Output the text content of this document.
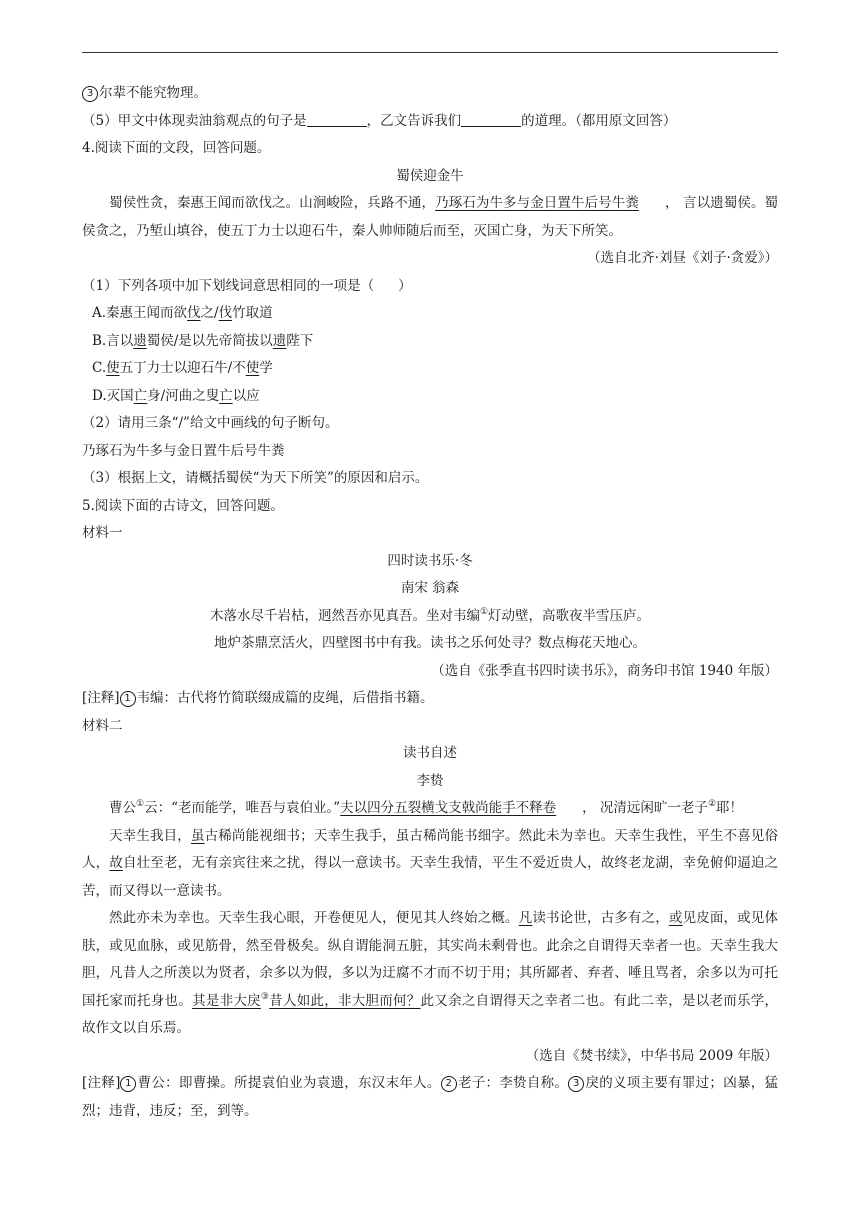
3 尔辈不能究物理。
（5）甲文中体现卖油翁观点的句子是	，乙文告诉我们	的道理。（都用原文回答）
4.阅读下面的文段，回答问题。
蜀侯迎金牛
蜀侯性贪，秦惠王闻而欲伐之。山涧峻险，兵路不通，乃琢石为牛多与金日置牛后号牛粪 ， 言以遗蜀侯。蜀侯贪之，乃堑山填谷，使五丁力士以迎石牛，秦人帅师随后而至，灭国亡身，为天下所笑。
（选自北齐·刘昼《刘子·贪爱》）
（1）下列各项中加下划线词意思相同的一项是（ ）
A.秦惠王闻而欲伐之/伐竹取道
B.言以遗蜀侯/是以先帝简拔以遗陛下
C.使五丁力士以迎石牛/不使学
D.灭国亡身/河曲之叟亡以应
（2）请用三条“/”给文中画线的句子断句。
乃琢石为牛多与金日置牛后号牛粪
（3）根据上文，请概括蜀侯“为天下所笑”的原因和启示。
5.阅读下面的古诗文，回答问题。
材料一
四时读书乐·冬
南宋 翁森
木落水尽千岩枯，迥然吾亦见真吾。坐对韦编①灯动壁，高歌夜半雪压庐。
地炉茶鼎烹活火，四壁图书中有我。读书之乐何处寻？数点梅花天地心。
（选自《张季直书四时读书乐》，商务印书馆 1940 年版）
[注释] 1 韦编：古代将竹简联缀成篇的皮绳，后借指书籍。
材料二
读书自述
李贽
曹公①云：“老而能学，唯吾与袁伯业。”夫以四分五裂横戈支戟尚能手不释卷 ， 况清远闲旷一老子②耶！
天幸生我目，虽古稀尚能视细书；天幸生我手，虽古稀尚能书细字。然此未为幸也。天幸生我性，平生不喜见俗人，故自壮至老，无有亲宾往来之扰，得以一意读书。天幸生我情，平生不爱近贵人，故终老龙湖，幸免俯仰逼迫之苦，而又得以一意读书。
然此亦未为幸也。天幸生我心眼，开卷便见人，便见其人终始之概。凡读书论世，古多有之，或见皮面，或见体肤，或见血脉，或见筋骨，然至骨极矣。纵自谓能洞五脏，其实尚未剩骨也。此余之自谓得天幸者一也。天幸生我大胆，凡昔人之所羡以为贤者，余多以为假，多以为迂腐不才而不切于用；其所鄙者、弃者、唾且骂者，余多以为可托国托家而托身也。其是非大戾③昔人如此，非大胆而何？此又余之自谓得天之幸者二也。有此二幸，是以老而乐学，故作文以自乐焉。
（选自《焚书续》，中华书局 2009 年版）
[注释] 1 曹公：即曹操。所提袁伯业为袁遗，东汉末年人。 2 老子：李贽自称。 3 戾的义项主要有罪过；凶暴，猛烈；违背，违反；至，到等。
